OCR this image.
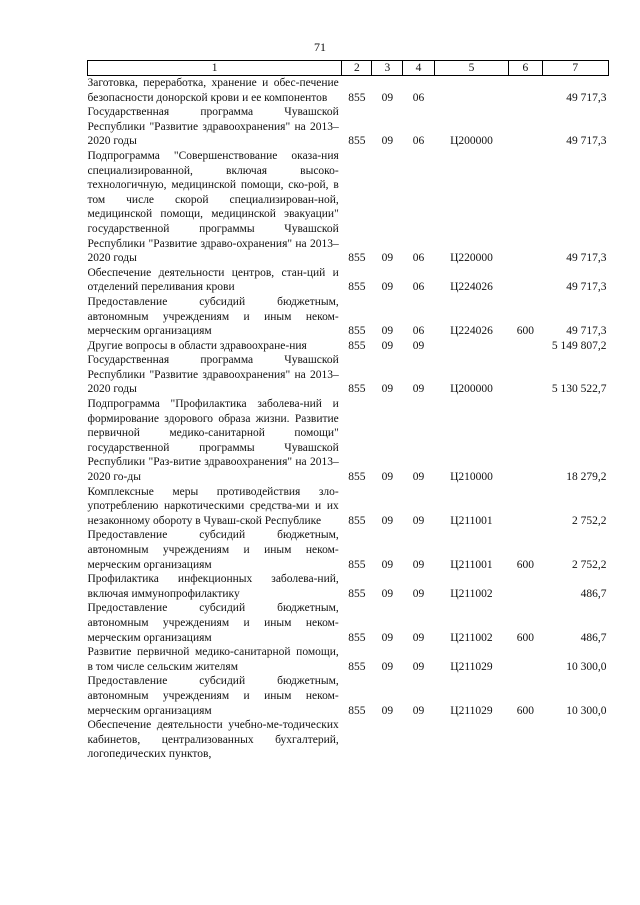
71
1	2	3	4	5	6	7
Заготовка, переработка, хранение и обес-печение безопасности донорской крови и ее компонентов	855	09	06			49 717,3
Государственная программа Чувашской Республики "Развитие здравоохранения" на 2013–2020 годы	855	09	06	Ц200000		49 717,3
Подпрограмма "Совершенствование оказа-ния специализированной, включая высоко-технологичную, медицинской помощи, ско-рой, в том числе скорой специализирован-ной, медицинской помощи, медицинской эвакуации" государственной программы Чувашской Республики "Развитие здраво-охранения" на 2013–2020 годы	855	09	06	Ц220000		49 717,3
Обеспечение деятельности центров, стан-ций и отделений переливания крови	855	09	06	Ц224026		49 717,3
Предоставление субсидий бюджетным, автономным учреждениям и иным неком-мерческим организациям	855	09	06	Ц224026	600	49 717,3
Другие вопросы в области здравоохране-ния	855	09	09			5 149 807,2
Государственная программа Чувашской Республики "Развитие здравоохранения" на 2013–2020 годы	855	09	09	Ц200000		5 130 522,7
Подпрограмма "Профилактика заболева-ний и формирование здорового образа жизни. Развитие первичной медико-санитарной помощи" государственной программы Чувашской Республики "Раз-витие здравоохранения" на 2013–2020 го-ды	855	09	09	Ц210000		18 279,2
Комплексные меры противодействия зло-употреблению наркотическими средства-ми и их незаконному обороту в Чуваш-ской Республике	855	09	09	Ц211001		2 752,2
Предоставление субсидий бюджетным, автономным учреждениям и иным неком-мерческим организациям	855	09	09	Ц211001	600	2 752,2
Профилактика инфекционных заболева-ний, включая иммунопрофилактику	855	09	09	Ц211002		486,7
Предоставление субсидий бюджетным, автономным учреждениям и иным неком-мерческим организациям	855	09	09	Ц211002	600	486,7
Развитие первичной медико-санитарной помощи, в том числе сельским жителям	855	09	09	Ц211029		10 300,0
Предоставление субсидий бюджетным, автономным учреждениям и иным неком-мерческим организациям	855	09	09	Ц211029	600	10 300,0
Обеспечение деятельности учебно-ме-тодических кабинетов, централизованных бухгалтерий, логопедических пунктов,						
